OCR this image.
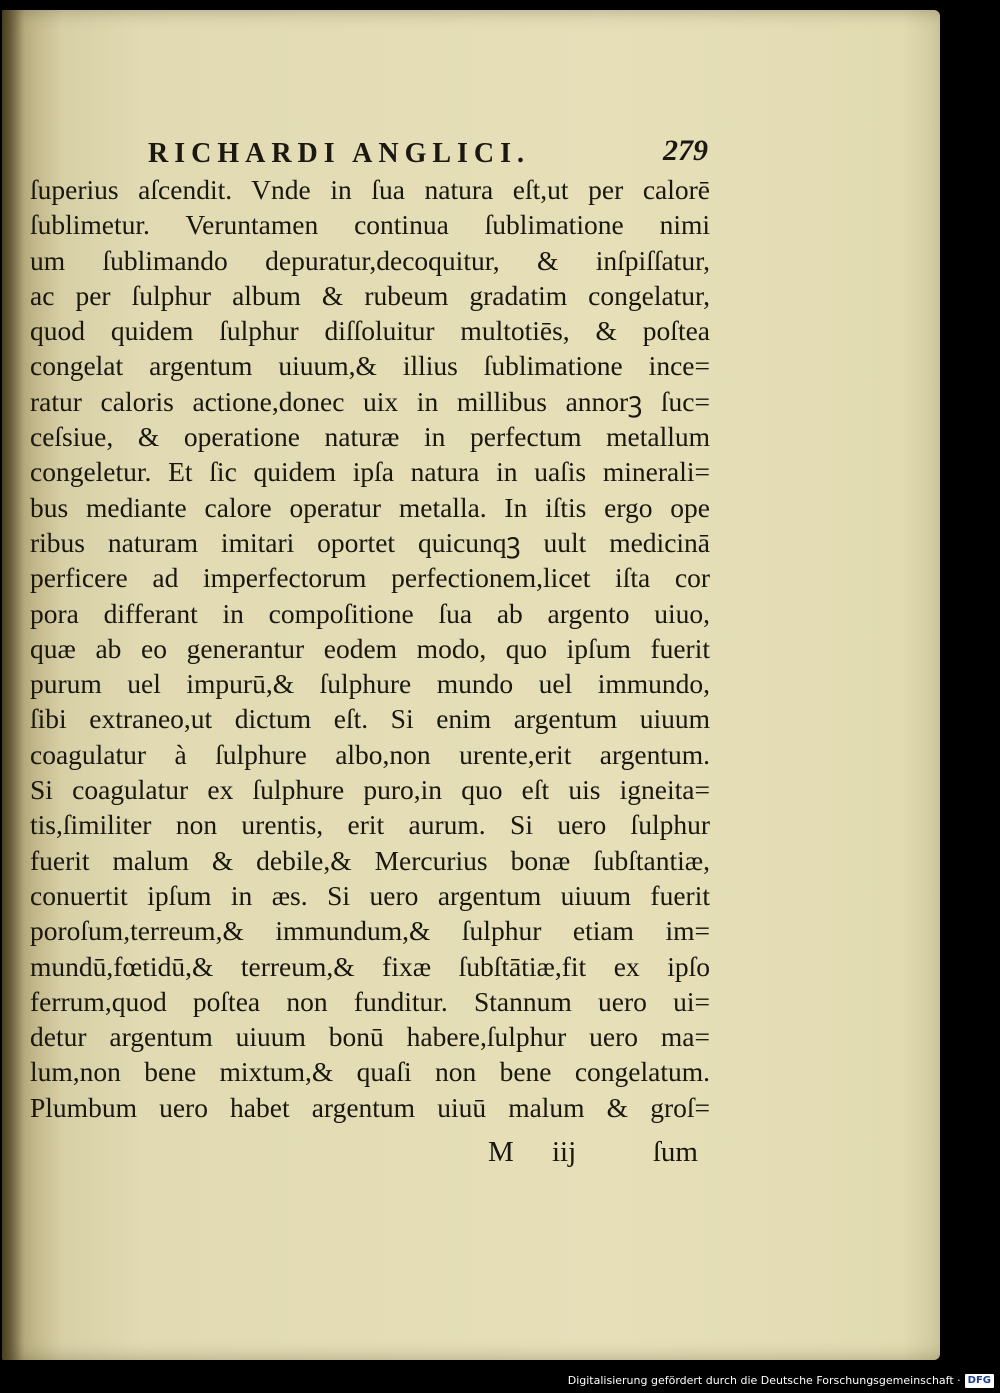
RICHARDI ANGLICI.	279
ſuperius aſcendit. Vnde in ſua natura eſt,ut per calorē
ſublimetur. Veruntamen continua ſublimatione nimi
um ſublimando depuratur,decoquitur, & inſpiſſatur,
ac per ſulphur album & rubeum gradatim congelatur,
quod quidem ſulphur diſſoluitur multotiēs, & poſtea
congelat argentum uiuum,& illius ſublimatione ince=
ratur caloris actione,donec uix in millibus annorꝫ ſuc=
ceſsiue, & operatione naturæ in perfectum metallum
congeletur. Et ſic quidem ipſa natura in uaſis minerali=
bus mediante calore operatur metalla. In iſtis ergo ope
ribus naturam imitari oportet quicunqꝫ uult medicinā
perficere ad imperfectorum perfectionem,licet iſta cor
pora differant in compoſitione ſua ab argento uiuo,
quæ ab eo generantur eodem modo, quo ipſum fuerit
purum uel impurū,& ſulphure mundo uel immundo,
ſibi extraneo,ut dictum eſt. Si enim argentum uiuum
coagulatur à ſulphure albo,non urente,erit argentum.
Si coagulatur ex ſulphure puro,in quo eſt uis igneita=
tis,ſimiliter non urentis, erit aurum. Si uero ſulphur
fuerit malum & debile,& Mercurius bonæ ſubſtantiæ,
conuertit ipſum in æs. Si uero argentum uiuum fuerit
poroſum,terreum,& immundum,& ſulphur etiam im=
mundū,fœtidū,& terreum,& fixæ ſubſtātiæ,fit ex ipſo
ferrum,quod poſtea non funditur. Stannum uero ui=
detur argentum uiuum bonū habere,ſulphur uero ma=
lum,non bene mixtum,& quaſi non bene congelatum.
Plumbum uero habet argentum uiuū malum & groſ=
M iij	ſum
Digitalisierung gefördert durch die Deutsche Forschungsgemeinschaft · DFG
